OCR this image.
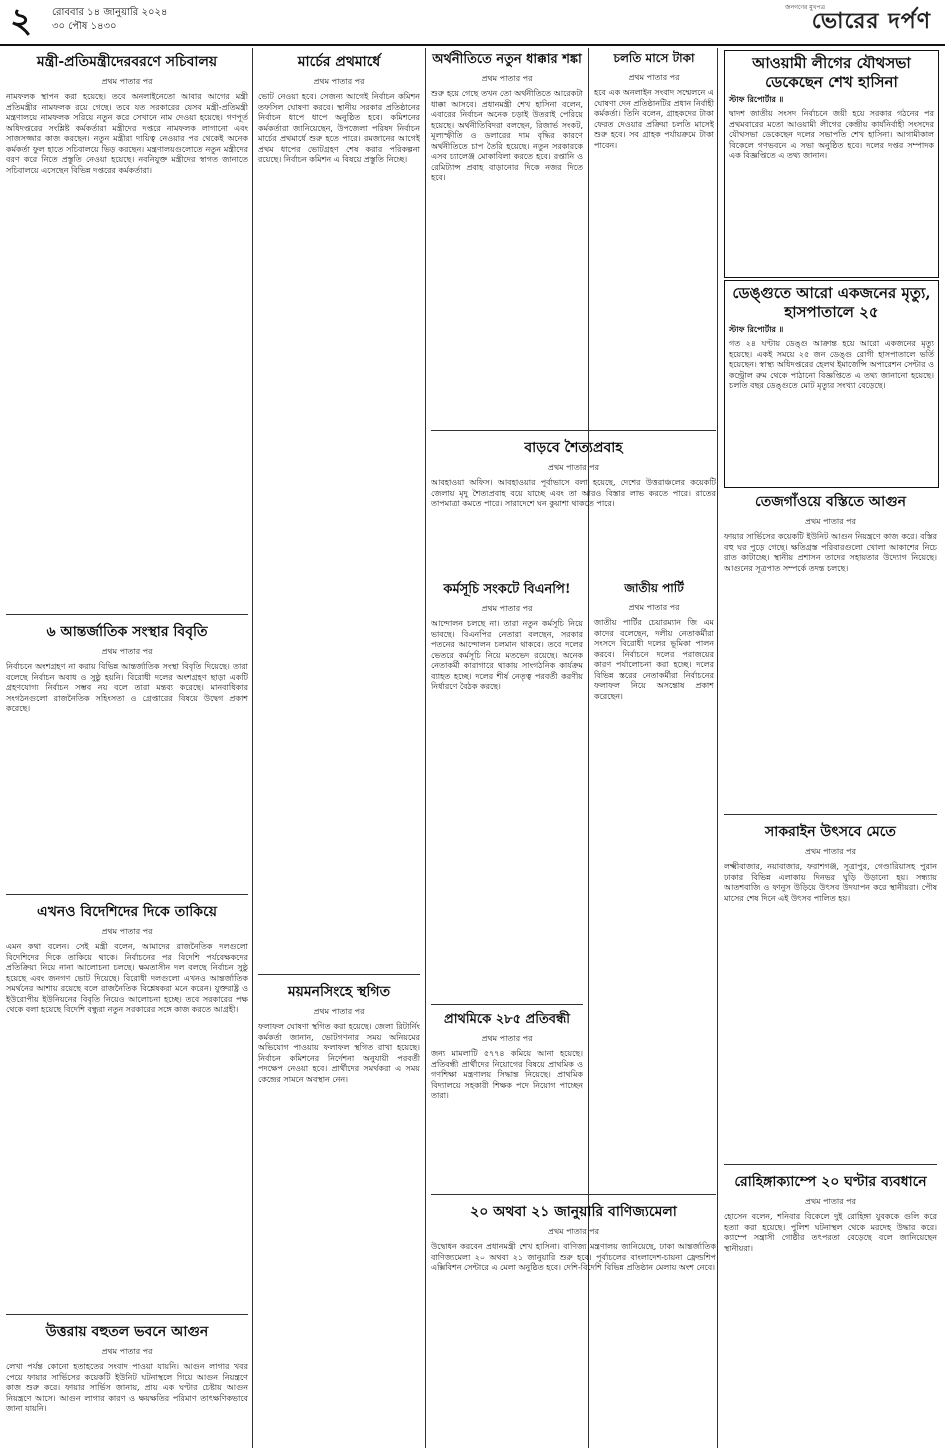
২ রোববার ১৪ জানুয়ারি ২০২৪
৩০ পৌষ ১৪৩০
জনগণের মুখপত্র
ভোরের দর্পণ
মন্ত্রী-প্রতিমন্ত্রীদেরবরণে সচিবালয়
প্রথম পাতার পর

নামফলক স্থাপন করা হয়েছে। তবে অনলাইনেতো আবার আগের মন্ত্রী প্রতিমন্ত্রীর নামফলক রয়ে গেছে। তবে যত সরকারের যেসব মন্ত্রী-প্রতিমন্ত্রী মন্ত্রণালয়ে নামফলক সরিয়ে নতুন করে সেখানে নাম দেওয়া হয়েছে। গণপূর্ত অধিদপ্তরের সংশ্লিষ্ট কর্মকর্তারা মন্ত্রীদের দপ্তরে নামফলক লাগানো এবং সাজসজ্জার কাজ করছেন। নতুন মন্ত্রীরা দায়িত্ব নেওয়ার পর থেকেই অনেক কর্মকর্তা ফুল হাতে সচিবালয়ে ভিড় করছেন। মন্ত্রণালয়গুলোতে নতুন মন্ত্রীদের বরণ করে নিতে প্রস্তুতি নেওয়া হয়েছে। নবনিযুক্ত মন্ত্রীদের স্বাগত জানাতে সচিবালয়ে এসেছেন বিভিন্ন দপ্তরের কর্মকর্তারা।

৬ আন্তর্জাতিক সংস্থার বিবৃতি
প্রথম পাতার পর

নির্বাচনে অংশগ্রহণ না করায় বিভিন্ন আন্তর্জাতিক সংস্থা বিবৃতি দিয়েছে। তারা বলেছে নির্বাচন অবাধ ও সুষ্ঠু হয়নি। বিরোধী দলের অংশগ্রহণ ছাড়া একটি গ্রহণযোগ্য নির্বাচন সম্ভব নয় বলে তারা মন্তব্য করেছে। মানবাধিকার সংগঠনগুলো রাজনৈতিক সহিংসতা ও গ্রেপ্তারের বিষয়ে উদ্বেগ প্রকাশ করেছে।

এখনও বিদেশিদের দিকে তাকিয়ে
প্রথম পাতার পর

এমন কথা বলেন। সেই মন্ত্রী বলেন, আমাদের রাজনৈতিক দলগুলো বিদেশিদের দিকে তাকিয়ে থাকে। নির্বাচনের পর বিদেশি পর্যবেক্ষকদের প্রতিক্রিয়া নিয়ে নানা আলোচনা চলছে। ক্ষমতাসীন দল বলছে নির্বাচন সুষ্ঠু হয়েছে এবং জনগণ ভোট দিয়েছে। বিরোধী দলগুলো এখনও আন্তর্জাতিক সমর্থনের আশায় রয়েছে বলে রাজনৈতিক বিশ্লেষকরা মনে করেন। যুক্তরাষ্ট্র ও ইউরোপীয় ইউনিয়নের বিবৃতি নিয়েও আলোচনা হচ্ছে। তবে সরকারের পক্ষ থেকে বলা হয়েছে বিদেশি বন্ধুরা নতুন সরকারের সঙ্গে কাজ করতে আগ্রহী।

উত্তরায় বহুতল ভবনে আগুন
প্রথম পাতার পর

লেখা পর্যন্ত কোনো হতাহতের সংবাদ পাওয়া যায়নি। আগুন লাগার খবর পেয়ে ফায়ার সার্ভিসের কয়েকটি ইউনিট ঘটনাস্থলে গিয়ে আগুন নিয়ন্ত্রণে কাজ শুরু করে। ফায়ার সার্ভিস জানায়, প্রায় এক ঘণ্টার চেষ্টায় আগুন নিয়ন্ত্রণে আসে। আগুন লাগার কারণ ও ক্ষয়ক্ষতির পরিমাণ তাৎক্ষণিকভাবে জানা যায়নি।

মার্চের প্রথমার্ধে
প্রথম পাতার পর

ভোট নেওয়া হবে। সেজন্য আগেই নির্বাচন কমিশন তফসিল ঘোষণা করবে। স্থানীয় সরকার প্রতিষ্ঠানের নির্বাচন ধাপে ধাপে অনুষ্ঠিত হবে। কমিশনের কর্মকর্তারা জানিয়েছেন, উপজেলা পরিষদ নির্বাচন মার্চের প্রথমার্ধে শুরু হতে পারে। রমজানের আগেই প্রথম ধাপের ভোটগ্রহণ শেষ করার পরিকল্পনা রয়েছে। নির্বাচন কমিশন এ বিষয়ে প্রস্তুতি নিচ্ছে।

ময়মনসিংহে স্থগিত
প্রথম পাতার পর

ফলাফল ঘোষণা স্থগিত করা হয়েছে। জেলা রিটার্নিং কর্মকর্তা জানান, ভোটগণনার সময় অনিয়মের অভিযোগ পাওয়ায় ফলাফল স্থগিত রাখা হয়েছে। নির্বাচন কমিশনের নির্দেশনা অনুযায়ী পরবর্তী পদক্ষেপ নেওয়া হবে। প্রার্থীদের সমর্থকরা এ সময় কেন্দ্রের সামনে অবস্থান নেন।

অর্থনীতিতে নতুন ধাক্কার শঙ্কা
প্রথম পাতার পর

শুরু হয়ে গেছে তখন তো অর্থনীতিতে আরেকটা ধাক্কা আসবে। প্রধানমন্ত্রী শেখ হাসিনা বলেন, এবারের নির্বাচন অনেক চড়াই উতরাই পেরিয়ে হয়েছে। অর্থনীতিবিদরা বলছেন, রিজার্ভ সংকট, মূল্যস্ফীতি ও ডলারের দাম বৃদ্ধির কারণে অর্থনীতিতে চাপ তৈরি হয়েছে। নতুন সরকারকে এসব চ্যালেঞ্জ মোকাবিলা করতে হবে। রপ্তানি ও রেমিট্যান্স প্রবাহ বাড়ানোর দিকে নজর দিতে হবে।

বাড়বে শৈত্যপ্রবাহ
প্রথম পাতার পর

আবহাওয়া অফিস। আবহাওয়ার পূর্বাভাসে বলা হয়েছে, দেশের উত্তরাঞ্চলের কয়েকটি জেলায় মৃদু শৈত্যপ্রবাহ বয়ে যাচ্ছে এবং তা আরও বিস্তার লাভ করতে পারে। রাতের তাপমাত্রা কমতে পারে। সারাদেশে ঘন কুয়াশা থাকতে পারে।

কর্মসূচি সংকটে বিএনপি!
প্রথম পাতার পর

আন্দোলন চলছে না। তারা নতুন কর্মসূচি নিয়ে ভাবছে। বিএনপির নেতারা বলছেন, সরকার পতনের আন্দোলন চলমান থাকবে। তবে দলের ভেতরে কর্মসূচি নিয়ে মতভেদ রয়েছে। অনেক নেতাকর্মী কারাগারে থাকায় সাংগঠনিক কার্যক্রম ব্যাহত হচ্ছে। দলের শীর্ষ নেতৃত্ব পরবর্তী করণীয় নির্ধারণে বৈঠক করছে।

প্রাথমিকে ২৮৫ প্রতিবন্ধী
প্রথম পাতার পর

জন্য মামলাটি ৫৭৭৪ কমিয়ে আনা হয়েছে। প্রতিবন্ধী প্রার্থীদের নিয়োগের বিষয়ে প্রাথমিক ও গণশিক্ষা মন্ত্রণালয় সিদ্ধান্ত নিয়েছে। প্রাথমিক বিদ্যালয়ে সহকারী শিক্ষক পদে নিয়োগ পাচ্ছেন তারা।

২০ অথবা ২১ জানুয়ারি বাণিজ্যমেলা
প্রথম পাতার পর

উদ্বোধন করবেন প্রধানমন্ত্রী শেখ হাসিনা। বাণিজ্য মন্ত্রণালয় জানিয়েছে, ঢাকা আন্তর্জাতিক বাণিজ্যমেলা ২০ অথবা ২১ জানুয়ারি শুরু হবে। পূর্বাচলের বাংলাদেশ-চায়না ফ্রেন্ডশিপ এক্সিবিশন সেন্টারে এ মেলা অনুষ্ঠিত হবে। দেশি-বিদেশি বিভিন্ন প্রতিষ্ঠান মেলায় অংশ নেবে।

চলতি মাসে টাকা
প্রথম পাতার পর

হবে এক অনলাইন সংবাদ সম্মেলনে এ ঘোষণা দেন প্রতিষ্ঠানটির প্রধান নির্বাহী কর্মকর্তা। তিনি বলেন, গ্রাহকদের টাকা ফেরত দেওয়ার প্রক্রিয়া চলতি মাসেই শুরু হবে। সব গ্রাহক পর্যায়ক্রমে টাকা পাবেন।

জাতীয় পার্টি
প্রথম পাতার পর

জাতীয় পার্টির চেয়ারম্যান জি এম কাদের বলেছেন, দলীয় নেতাকর্মীরা সংসদে বিরোধী দলের ভূমিকা পালন করবে। নির্বাচনে দলের পরাজয়ের কারণ পর্যালোচনা করা হচ্ছে। দলের বিভিন্ন স্তরের নেতাকর্মীরা নির্বাচনের ফলাফল নিয়ে অসন্তোষ প্রকাশ করেছেন।

আওয়ামী লীগের যৌথসভা ডেকেছেন শেখ হাসিনা
স্টাফ রিপোর্টার ॥

দ্বাদশ জাতীয় সংসদ নির্বাচনে জয়ী হয়ে সরকার গঠনের পর প্রথমবারের মতো আওয়ামী লীগের কেন্দ্রীয় কার্যনির্বাহী সংসদের যৌথসভা ডেকেছেন দলের সভাপতি শেখ হাসিনা। আগামীকাল বিকেলে গণভবনে এ সভা অনুষ্ঠিত হবে। দলের দপ্তর সম্পাদক এক বিজ্ঞপ্তিতে এ তথ্য জানান।

ডেঙ্গুতে আরো একজনের মৃত্যু, হাসপাতালে ২৫
স্টাফ রিপোর্টার ॥

গত ২৪ ঘণ্টায় ডেঙ্গু আক্রান্ত হয়ে আরো একজনের মৃত্যু হয়েছে। একই সময়ে ২৫ জন ডেঙ্গু রোগী হাসপাতালে ভর্তি হয়েছেন। স্বাস্থ্য অধিদপ্তরের হেলথ ইমার্জেন্সি অপারেশন সেন্টার ও কন্ট্রোল রুম থেকে পাঠানো বিজ্ঞপ্তিতে এ তথ্য জানানো হয়েছে। চলতি বছর ডেঙ্গুতে মোট মৃত্যুর সংখ্যা বেড়েছে।

তেজগাঁওয়ে বস্তিতে আগুন
প্রথম পাতার পর

ফায়ার সার্ভিসের কয়েকটি ইউনিট আগুন নিয়ন্ত্রণে কাজ করে। বস্তির বহু ঘর পুড়ে গেছে। ক্ষতিগ্রস্ত পরিবারগুলো খোলা আকাশের নিচে রাত কাটাচ্ছে। স্থানীয় প্রশাসন তাদের সহায়তার উদ্যোগ নিয়েছে। আগুনের সূত্রপাত সম্পর্কে তদন্ত চলছে।

সাকরাইন উৎসবে মেতে
প্রথম পাতার পর

লক্ষ্মীবাজার, নয়াবাজার, ফরাশগঞ্জ, সূত্রাপুর, গেণ্ডারিয়াসহ পুরান ঢাকার বিভিন্ন এলাকায় দিনভর ঘুড়ি উড়ানো হয়। সন্ধ্যায় আতশবাজি ও ফানুস উড়িয়ে উৎসব উদযাপন করে স্থানীয়রা। পৌষ মাসের শেষ দিনে এই উৎসব পালিত হয়।

রোহিঙ্গাক্যাম্পে ২০ ঘণ্টার ব্যবধানে
প্রথম পাতার পর

হোসেন বলেন, শনিবার বিকেলে দুই রোহিঙ্গা যুবককে গুলি করে হত্যা করা হয়েছে। পুলিশ ঘটনাস্থল থেকে মরদেহ উদ্ধার করে। ক্যাম্পে সন্ত্রাসী গোষ্ঠীর তৎপরতা বেড়েছে বলে জানিয়েছেন স্থানীয়রা।
